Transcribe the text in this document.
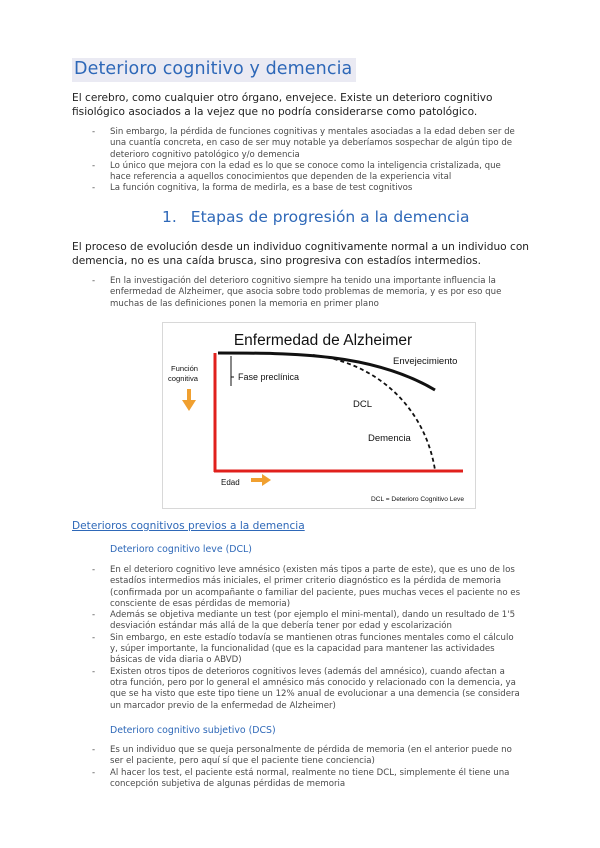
Deterioro cognitivo y demencia
El cerebro, como cualquier otro órgano, envejece. Existe un deterioro cognitivo fisiológico asociados a la vejez que no podría considerarse como patológico.
- Sin embargo, la pérdida de funciones cognitivas y mentales asociadas a la edad deben ser de una cuantía concreta, en caso de ser muy notable ya deberíamos sospechar de algún tipo de deterioro cognitivo patológico y/o demencia
- Lo único que mejora con la edad es lo que se conoce como la inteligencia cristalizada, que hace referencia a aquellos conocimientos que dependen de la experiencia vital
- La función cognitiva, la forma de medirla, es a base de test cognitivos
1. Etapas de progresión a la demencia
El proceso de evolución desde un individuo cognitivamente normal a un individuo con demencia, no es una caída brusca, sino progresiva con estadíos intermedios.
- En la investigación del deterioro cognitivo siempre ha tenido una importante influencia la enfermedad de Alzheimer, que asocia sobre todo problemas de memoria, y es por eso que muchas de las definiciones ponen la memoria en primer plano
Enfermedad de Alzheimer
Función
cognitiva	Fase preclínica
Envejecimiento
DCL
Demencia
Edad
DCL = Deterioro Cognitivo Leve
Deterioros cognitivos previos a la demencia
Deterioro cognitivo leve (DCL)
- En el deterioro cognitivo leve amnésico (existen más tipos a parte de este), que es uno de los estadíos intermedios más iniciales, el primer criterio diagnóstico es la pérdida de memoria (confirmada por un acompañante o familiar del paciente, pues muchas veces el paciente no es consciente de esas pérdidas de memoria)
- Además se objetiva mediante un test (por ejemplo el mini-mental), dando un resultado de 1'5 desviación estándar más allá de la que debería tener por edad y escolarización
- Sin embargo, en este estadío todavía se mantienen otras funciones mentales como el cálculo y, súper importante, la funcionalidad (que es la capacidad para mantener las actividades básicas de vida diaria o ABVD)
- Existen otros tipos de deterioros cognitivos leves (además del amnésico), cuando afectan a otra función, pero por lo general el amnésico más conocido y relacionado con la demencia, ya que se ha visto que este tipo tiene un 12% anual de evolucionar a una demencia (se considera un marcador previo de la enfermedad de Alzheimer)
Deterioro cognitivo subjetivo (DCS)
- Es un individuo que se queja personalmente de pérdida de memoria (en el anterior puede no ser el paciente, pero aquí sí que el paciente tiene conciencia)
- Al hacer los test, el paciente está normal, realmente no tiene DCL, simplemente él tiene una concepción subjetiva de algunas pérdidas de memoria
